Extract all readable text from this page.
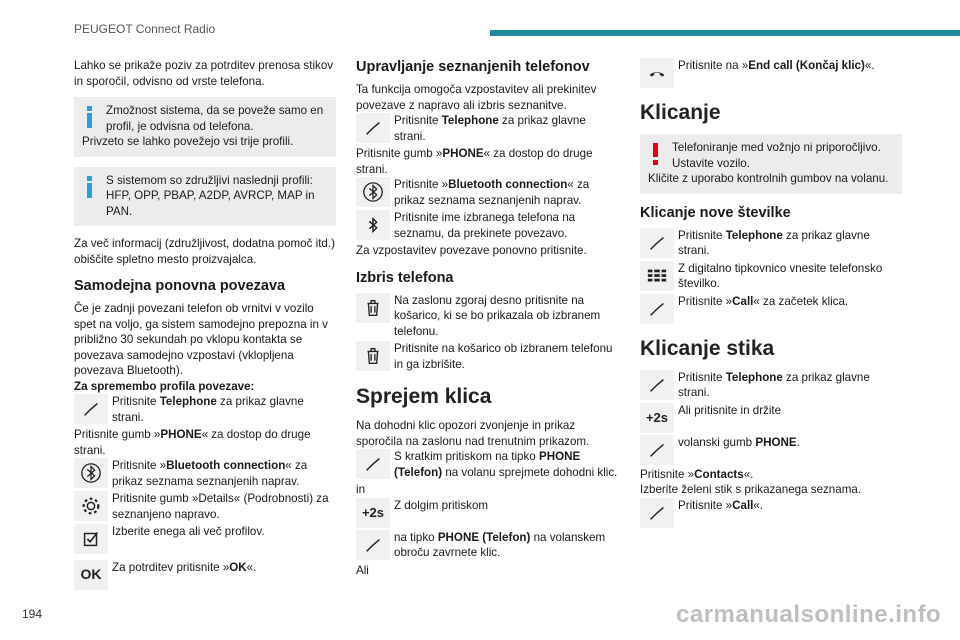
PEUGEOT Connect Radio

Lahko se prikaže poziv za potrditev prenosa stikov in sporočil, odvisno od vrste telefona.

Zmožnost sistema, da se poveže samo en profil, je odvisna od telefona.

Privzeto se lahko povežejo vsi trije profili.

S sistemom so združljivi naslednji profili: HFP, OPP, PBAP, A2DP, AVRCP, MAP in PAN.

Za več informacij (združljivost, dodatna pomoč itd.) obiščite spletno mesto proizvajalca.

Samodejna ponovna povezava

Če je zadnji povezani telefon ob vrnitvi v vozilo spet na voljo, ga sistem samodejno prepozna in v približno 30 sekundah po vklopu kontakta se povezava samodejno vzpostavi (vklopljena povezava Bluetooth).

Za spremembo profila povezave:

Pritisnite Telephone za prikaz glavne strani.

Pritisnite gumb »PHONE« za dostop do druge strani.

Pritisnite »Bluetooth connection« za prikaz seznama seznanjenih naprav.
Pritisnite gumb »Details« (Podrobnosti) za seznanjeno napravo.
Izberite enega ali več profilov.
OK Za potrditev pritisnite »OK«.
Upravljanje seznanjenih telefonov

Ta funkcija omogoča vzpostavitev ali prekinitev povezave z napravo ali izbris seznanitve.

Pritisnite Telephone za prikaz glavne strani.

Pritisnite gumb »PHONE« za dostop do druge strani.

Pritisnite »Bluetooth connection« za prikaz seznama seznanjenih naprav.
Pritisnite ime izbranega telefona na seznamu, da prekinete povezavo.

Za vzpostavitev povezave ponovno pritisnite.

Izbris telefona
Na zaslonu zgoraj desno pritisnite na košarico, ki se bo prikazala ob izbranem telefonu.
Pritisnite na košarico ob izbranem telefonu in ga izbrišite.
Sprejem klica

Na dohodni klic opozori zvonjenje in prikaz sporočila na zaslonu nad trenutnim prikazom.

S kratkim pritiskom na tipko PHONE (Telefon) na volanu sprejmete dohodni klic.

in

+2s Z dolgim pritiskom
na tipko PHONE (Telefon) na volanskem obroču zavrnete klic.

Ali

Pritisnite na »End call (Končaj klic)«.
Klicanje

Telefoniranje med vožnjo ni priporočljivo. Ustavite vozilo.

Kličite z uporabo kontrolnih gumbov na volanu.

Klicanje nove številke
Pritisnite Telephone za prikaz glavne strani.
Z digitalno tipkovnico vnesite telefonsko številko.
Pritisnite »Call« za začetek klica.
Klicanje stika
Pritisnite Telephone za prikaz glavne strani.
+2s Ali pritisnite in držite
volanski gumb PHONE.

Pritisnite »Contacts«.

Izberite želeni stik s prikazanega seznama.

Pritisnite »Call«.
194	carmanualsonline.info
